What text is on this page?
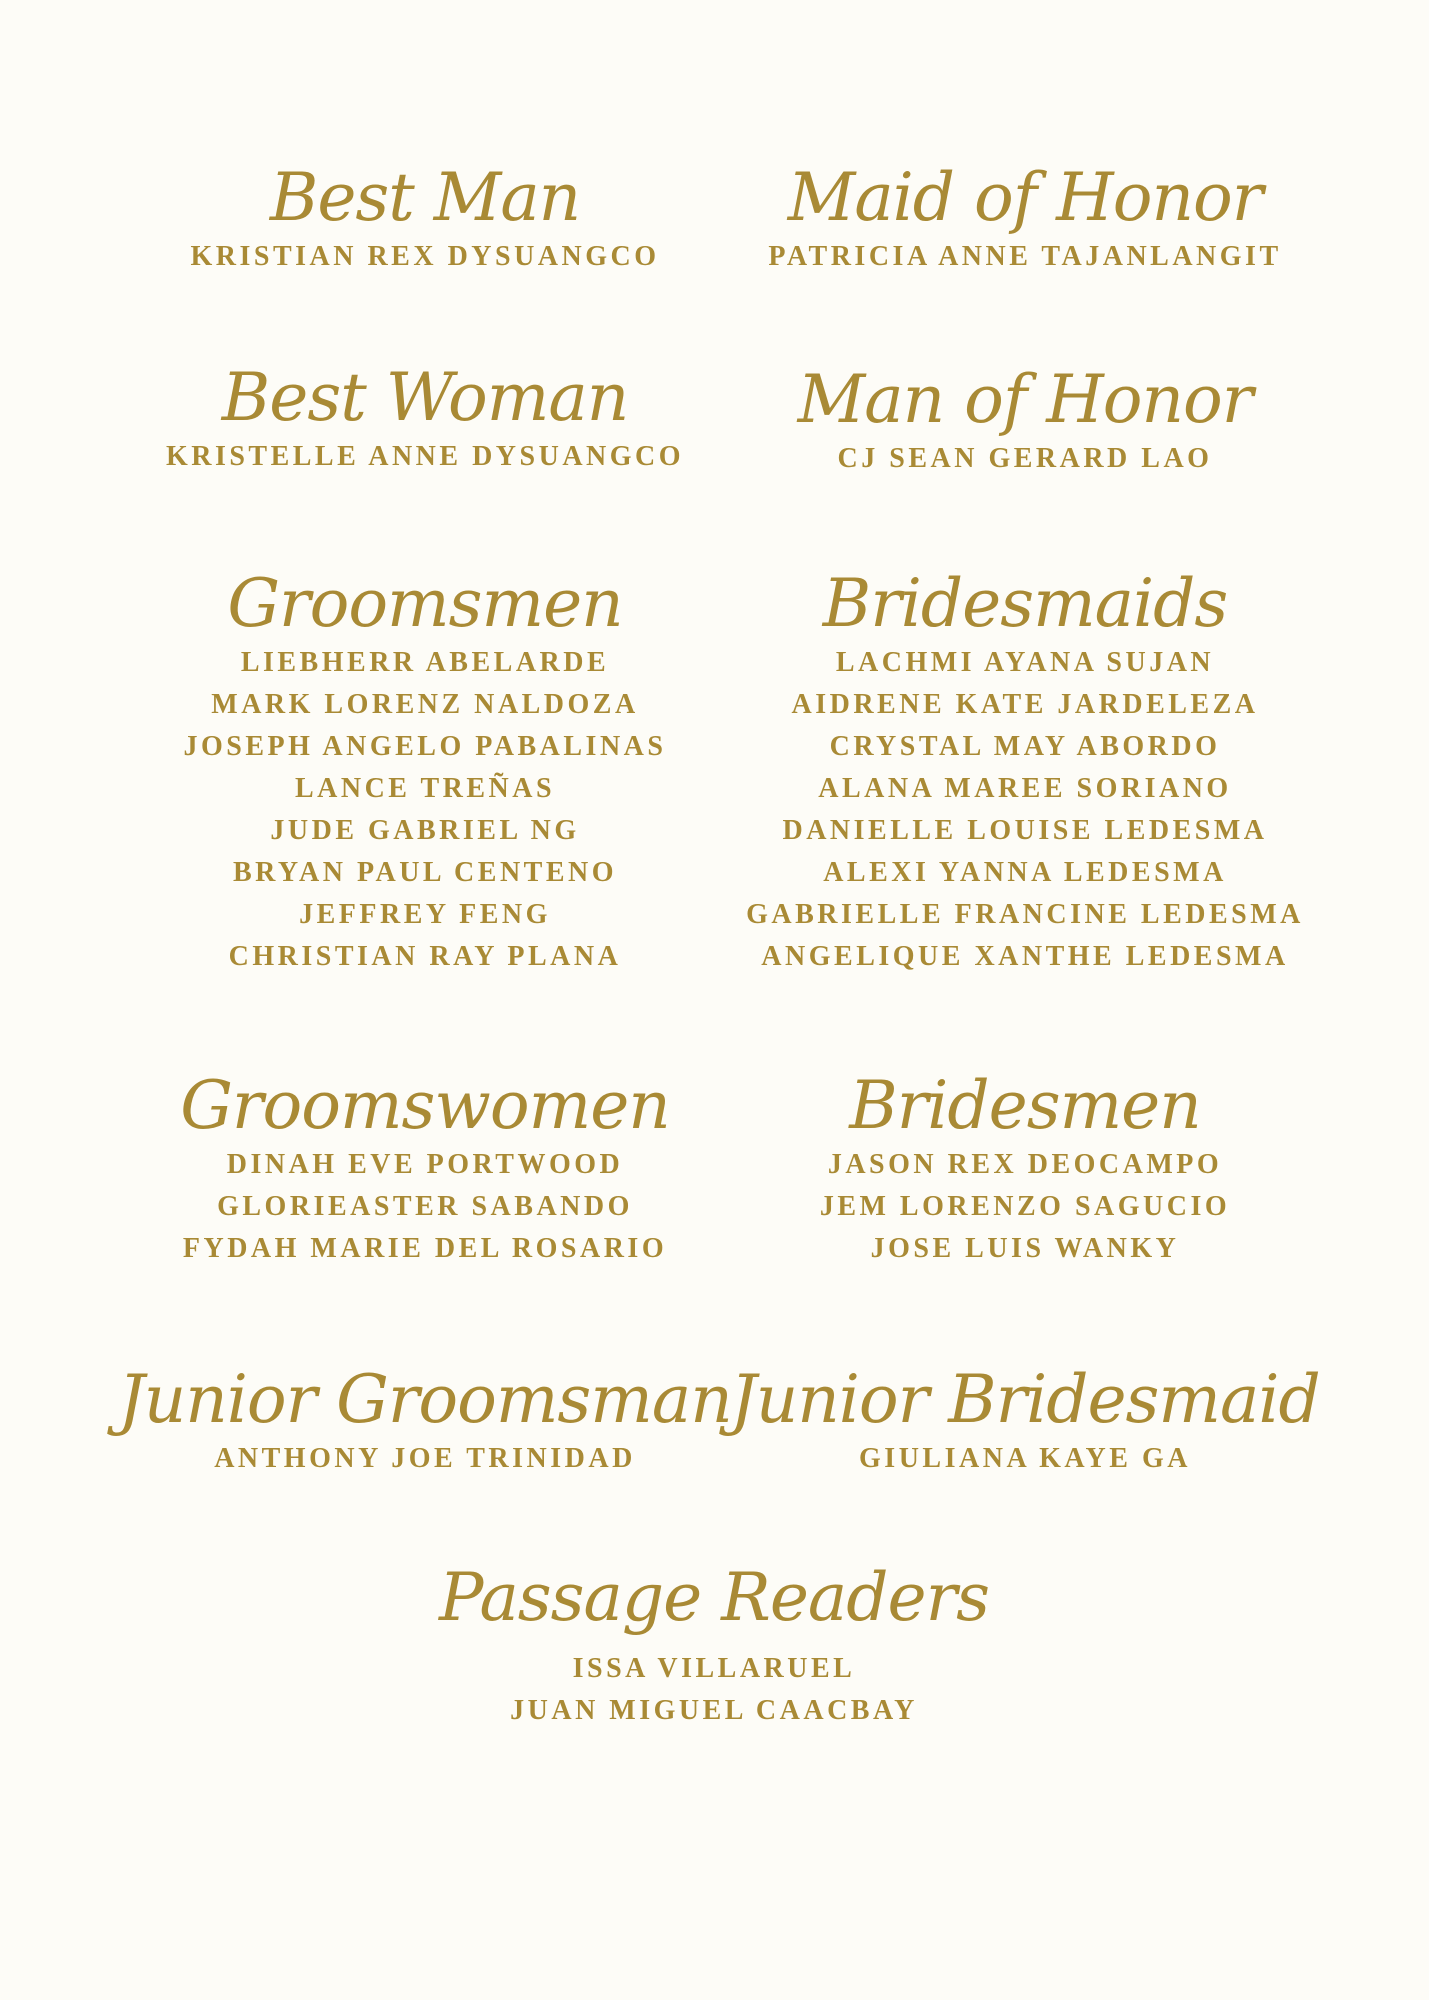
Best Man
KRISTIAN REX DYSUANGCO
Maid of Honor
PATRICIA ANNE TAJANLANGIT
Best Woman
KRISTELLE ANNE DYSUANGCO
Man of Honor
CJ SEAN GERARD LAO
Groomsmen
LIEBHERR ABELARDE
MARK LORENZ NALDOZA
JOSEPH ANGELO PABALINAS
LANCE TREÑAS
JUDE GABRIEL NG
BRYAN PAUL CENTENO
JEFFREY FENG
CHRISTIAN RAY PLANA
Bridesmaids
LACHMI AYANA SUJAN
AIDRENE KATE JARDELEZA
CRYSTAL MAY ABORDO
ALANA MAREE SORIANO
DANIELLE LOUISE LEDESMA
ALEXI YANNA LEDESMA
GABRIELLE FRANCINE LEDESMA
ANGELIQUE XANTHE LEDESMA
Groomswomen
DINAH EVE PORTWOOD
GLORIEASTER SABANDO
FYDAH MARIE DEL ROSARIO
Bridesmen
JASON REX DEOCAMPO
JEM LORENZO SAGUCIO
JOSE LUIS WANKY
Junior Groomsman
ANTHONY JOE TRINIDAD
Junior Bridesmaid
GIULIANA KAYE GA
Passage Readers
ISSA VILLARUEL
JUAN MIGUEL CAACBAY
